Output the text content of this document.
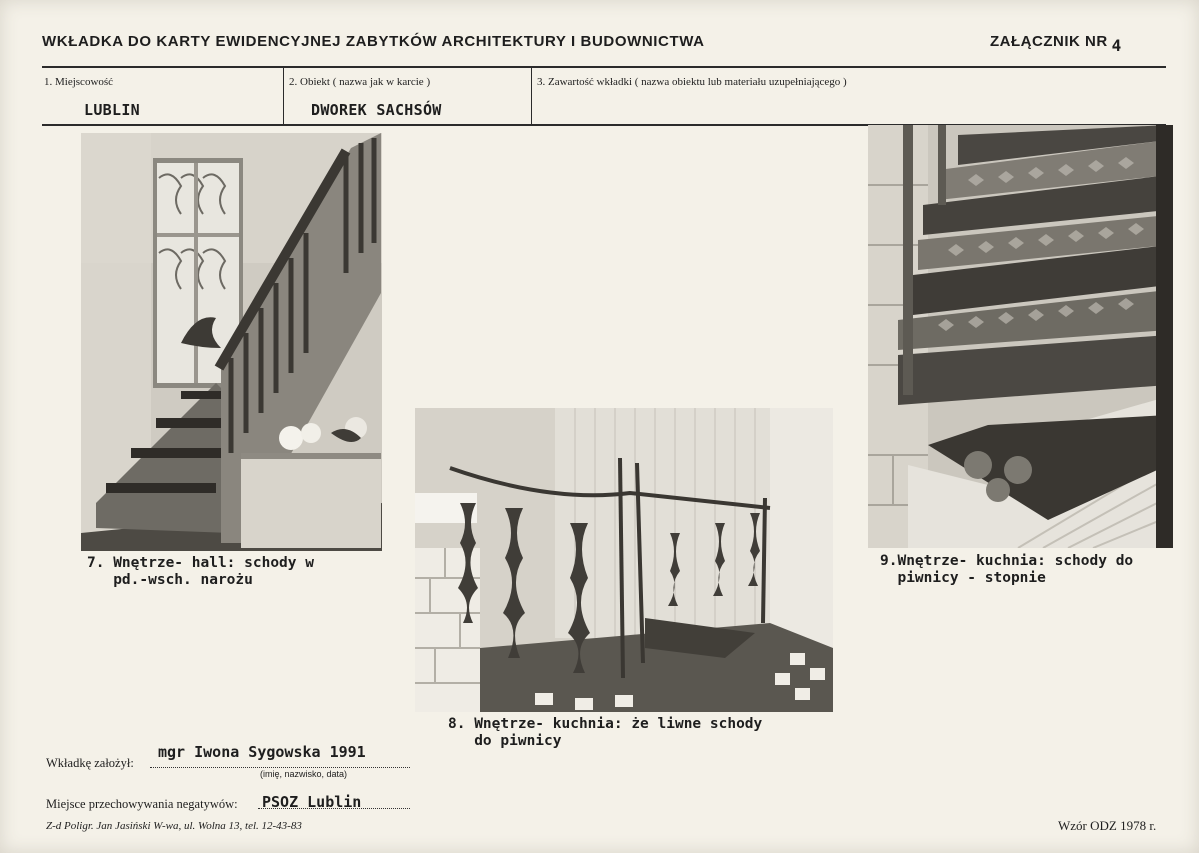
WKŁADKA DO KARTY EWIDENCYJNEJ ZABYTKÓW ARCHITEKTURY I BUDOWNICTWA	ZAŁĄCZNIK NR 4
1. Miejscowość
LUBLIN
2. Obiekt ( nazwa jak w karcie )
DWOREK SACHSÓW
3. Zawartość wkładki ( nazwa obiektu lub materiału uzupełniającego )
7. Wnętrze- hall: schody w
pd.-wsch. narożu
8. Wnętrze- kuchnia: że liwne schody
do piwnicy
9.Wnętrze- kuchnia: schody do
piwnicy - stopnie
mgr Iwona Sygowska 1991
Wkładkę założył:
(imię, nazwisko, data)
Miejsce przechowywania negatywów: PSOZ Lublin
Z-d Poligr. Jan Jasiński W-wa, ul. Wolna 13, tel. 12-43-83	Wzór ODZ 1978 r.
